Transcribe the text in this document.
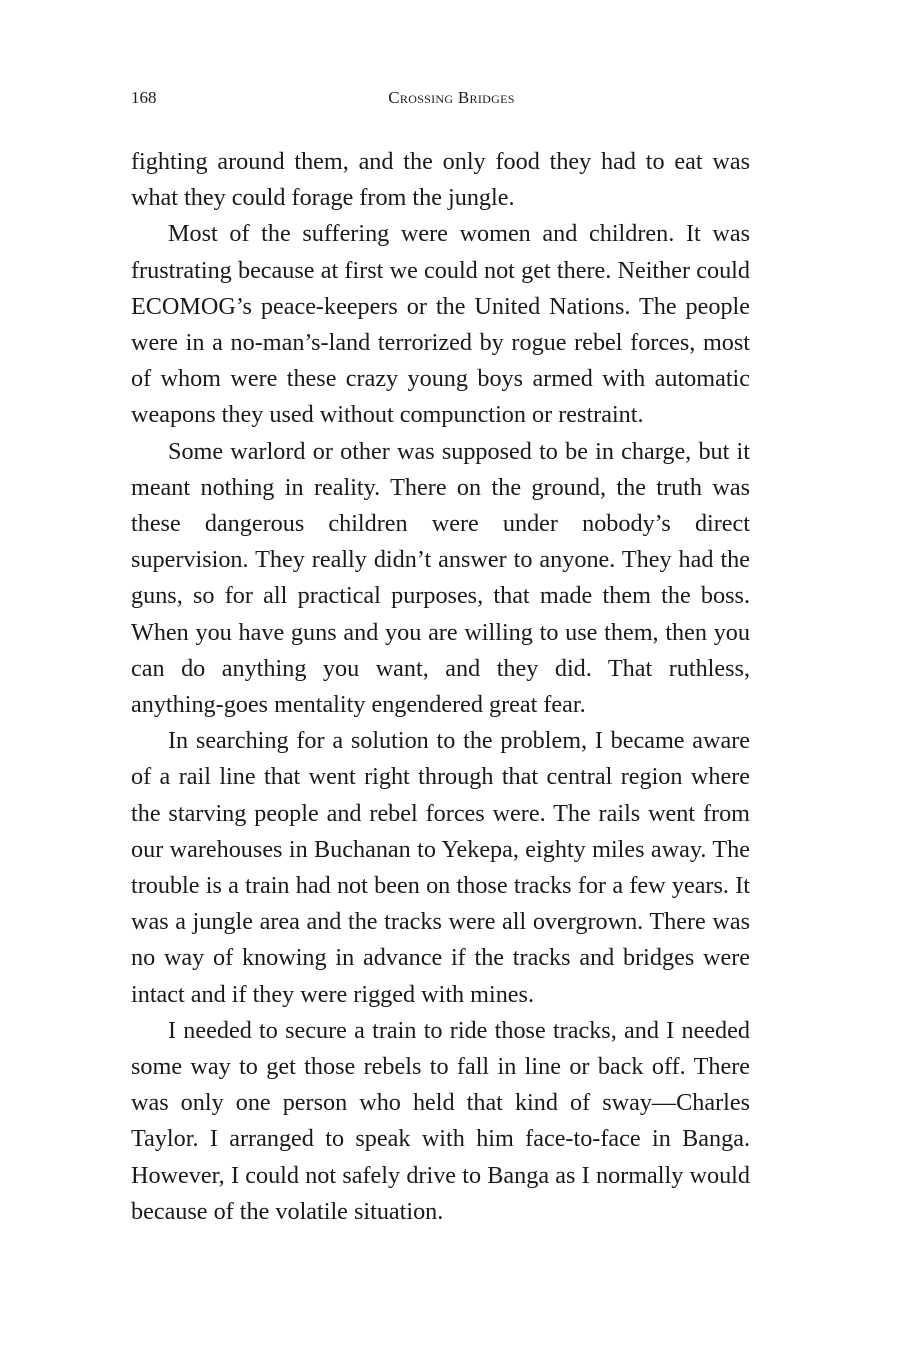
168	Crossing Bridges

fighting around them, and the only food they had to eat was what they could forage from the jungle.

Most of the suffering were women and children. It was frustrating because at first we could not get there. Neither could ECOMOG’s peace-keepers or the United Nations. The people were in a no-man’s-land terrorized by rogue rebel forces, most of whom were these crazy young boys armed with automatic weapons they used without compunction or restraint.

Some warlord or other was supposed to be in charge, but it meant nothing in reality. There on the ground, the truth was these dangerous children were under nobody’s direct supervision. They really didn’t answer to anyone. They had the guns, so for all practical purposes, that made them the boss. When you have guns and you are willing to use them, then you can do anything you want, and they did. That ruthless, anything-goes mentality engendered great fear.

In searching for a solution to the problem, I became aware of a rail line that went right through that central region where the starving people and rebel forces were. The rails went from our warehouses in Buchanan to Yekepa, eighty miles away. The trouble is a train had not been on those tracks for a few years. It was a jungle area and the tracks were all overgrown. There was no way of knowing in advance if the tracks and bridges were intact and if they were rigged with mines.

I needed to secure a train to ride those tracks, and I needed some way to get those rebels to fall in line or back off. There was only one person who held that kind of sway—Charles Taylor. I arranged to speak with him face-to-face in Banga. However, I could not safely drive to Banga as I normally would because of the volatile situation.
